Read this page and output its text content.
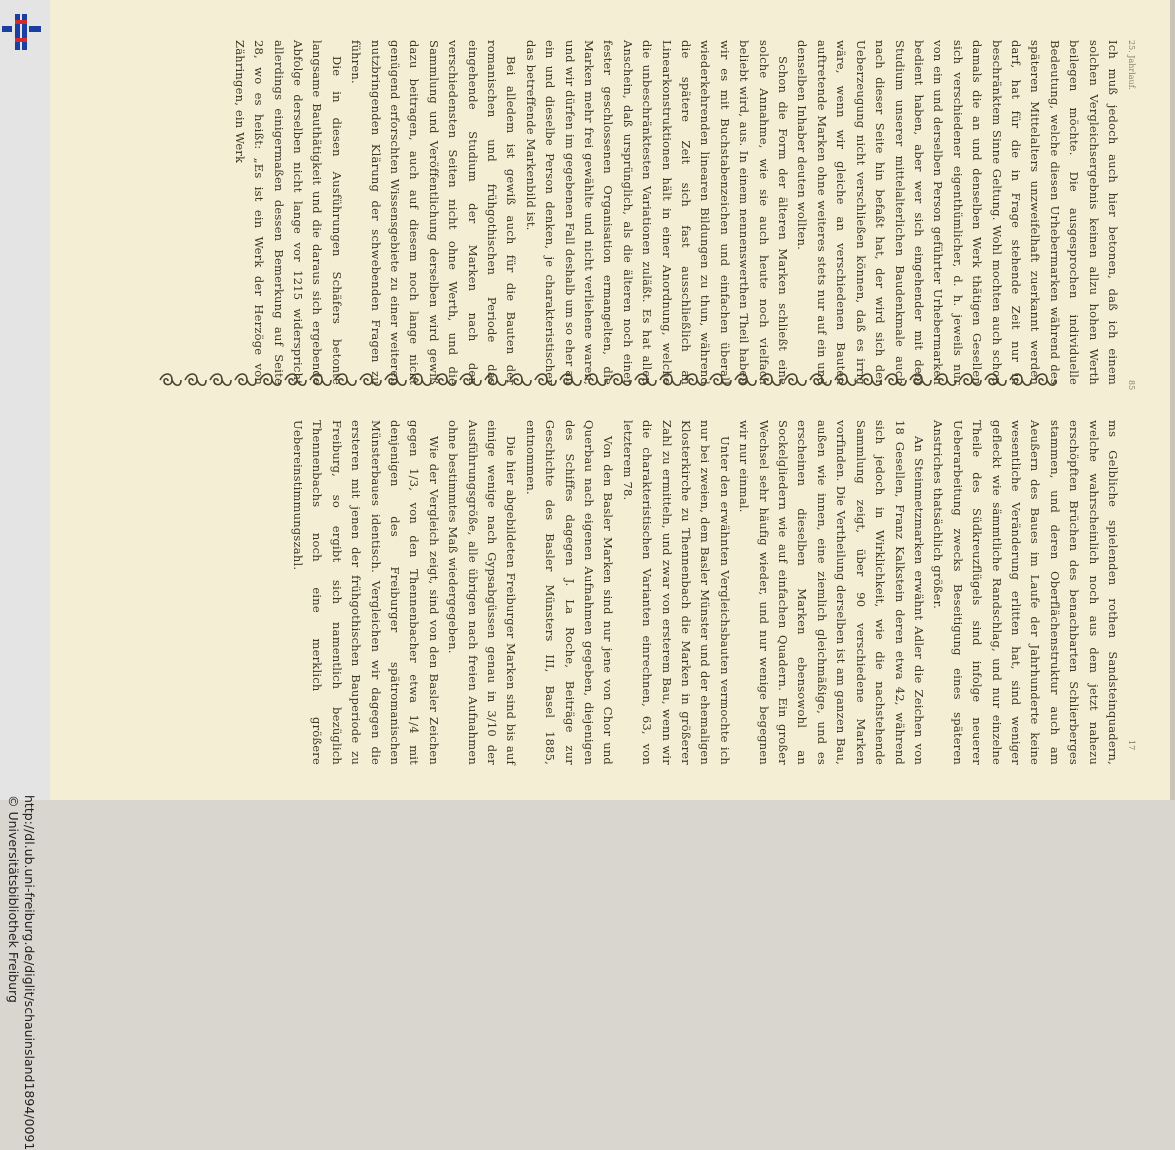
http://dl.ub.uni-freiburg.de/diglit/schauinsland1894/0091
© Universitätsbibliothek Freiburg
25. Jahrlauf.
85
17

Ich muß jedoch auch hier betonen, daß ich einem solchen Vergleichsergebnis keinen allzu hohen Werth beilegen möchte. Die ausgesprochen individuelle Bedeutung, welche diesen Urhebermarken während des späteren Mittelalters unzweifelhaft zuerkannt werden darf, hat für die in Frage stehende Zeit nur in beschränktem Sinne Geltung. Wohl mochten auch schon damals die an und denselben Werk thätigen Gesellen sich verschiedener eigenthümlicher, d. h. jeweils nur von ein und derselben Person geführter Urhebermarken bedient haben, aber wer sich eingehender mit dem Studium unserer mittelalterlichen Baudenkmale auch nach dieser Seite hin befaßt hat, der wird sich der Ueberzeugung nicht verschließen können, daß es irrig wäre, wenn wir gleiche an verschiedenen Bauten auftretende Marken ohne weiteres stets nur auf ein und denselben Inhaber deuten wollten.

Schon die Form der älteren Marken schließt eine solche Annahme, wie sie auch heute noch vielfach beliebt wird, aus. In einem nennenswerthen Theil haben wir es mit Buchstabenzeichen und einfachen überall wiederkehrenden linearen Bildungen zu thun, während die spätere Zeit sich fast ausschließlich an Linearkonstruktionen hält in einer Anordnung, welche die unbeschränktesten Variationen zuläßt. Es hat allen Anschein, daß ursprünglich, als die älteren noch einer fester geschlossenen Organisation ermangelten, die Marken mehr frei gewählte und nicht verliehene waren, und wir dürfen im gegebenen Fall deshalb um so eher an ein und dieselbe Person denken, je charakteristischer das betreffende Markenbild ist.

Bei alledem ist gewiß auch für die Bauten der romanischen und frühgothischen Periode das eingehende Studium der Marken nach den verschiedensten Seiten nicht ohne Werth, und die Sammlung und Veröffentlichung derselben wird gewiß dazu beitragen, auch auf diesem noch lange nicht genügend erforschten Wissensgebiete zu einer weiteren nutzbringenden Klärung der schwebenden Fragen zu führen.

Die in diesen Ausführungen Schäfers betonte langsame Bauthätigkeit und die daraus sich ergebende Abfolge derselben nicht lange vor 1215 widerspricht allerdings einigermaßen dessen Bemerkung auf Seite 28, wo es heißt: „Es ist ein Werk der Herzöge von Zähringen, ein Werk

ms Gelbliche spielenden rothen Sandsteinquadern, welche wahrscheinlich noch aus dem jetzt nahezu erschöpften Brüchen des benachbarten Schlierberges stammen, und deren Oberflächenstruktur auch am Aeußern des Baues im Laufe der Jahrhunderte keine wesentliche Veränderung erlitten hat, sind weniger gefleckt wie sämmtliche Randschlag, und nur einzelne Theile des Südkreuzflügels sind infolge neuerer Ueberarbeitung zwecks Beseitigung eines späteren Anstriches thatsächlich größer.

An Steinmetzmarken erwähnt Adler die Zeichen von 18 Gesellen, Franz Kalkstein deren etwa 42, während sich jedoch in Wirklichkeit, wie die nachstehende Sammlung zeigt, über 90 verschiedene Marken vorfinden. Die Vertheilung derselben ist am ganzen Bau, außen wie innen, eine ziemlich gleichmäßige, und es erscheinen dieselben Marken ebensowohl an Sockelgliedern wie auf einfachen Quadern. Ein großer Wechsel sehr häufig wieder, und nur wenige begegnen wir nur einmal.

Unter den erwähnten Vergleichsbauten vermochte ich nur bei zweien, dem Basler Münster und der ehemaligen Klosterkirche zu Thennenbach die Marken in größerer Zahl zu ermitteln, und zwar von ersterem Bau, wenn wir die charakteristischen Varianten einrechnen, 63, von letzterem 78.

Von den Basler Marken sind nur jene von Chor und Querbau nach eigenen Aufnahmen gegeben, diejenigen des Schiffes dagegen J. La Roche, Beiträge zur Geschichte des Basler Münsters III, Basel 1885, entnommen.

Die hier abgebildeten Freiburger Marken sind bis auf einige wenige nach Gypsabgüssen genau in 3/10 der Ausführungsgröße, alle übrigen nach freien Aufnahmen ohne bestimmtes Maß wiedergegeben.

Wie der Vergleich zeigt, sind von den Basler Zeichen gegen 1/3, von den Thennenbacher etwa 1/4 mit denjenigen des Freiburger spätromanischen Münsterbaues identisch. Vergleichen wir dagegen die ersteren mit jenen der frühgothischen Bauperiode zu Freiburg, so ergibt sich namentlich bezüglich Thennenbachs noch eine merklich größere Uebereinstimmungszahl.
